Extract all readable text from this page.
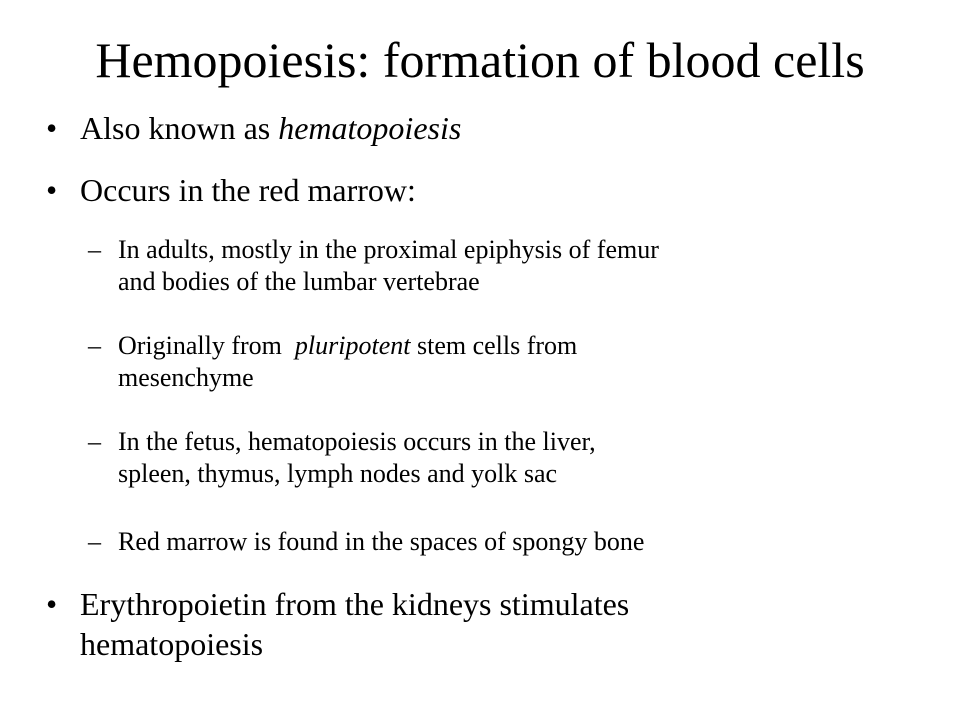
Hemopoiesis: formation of blood cells
• Also known as hematopoiesis
• Occurs in the red marrow:
– In adults, mostly in the proximal epiphysis of femur
and bodies of the lumbar vertebrae
– Originally from  pluripotent stem cells from
mesenchyme
– In the fetus, hematopoiesis occurs in the liver,
spleen, thymus, lymph nodes and yolk sac
– Red marrow is found in the spaces of spongy bone
• Erythropoietin from the kidneys stimulates
hematopoiesis
